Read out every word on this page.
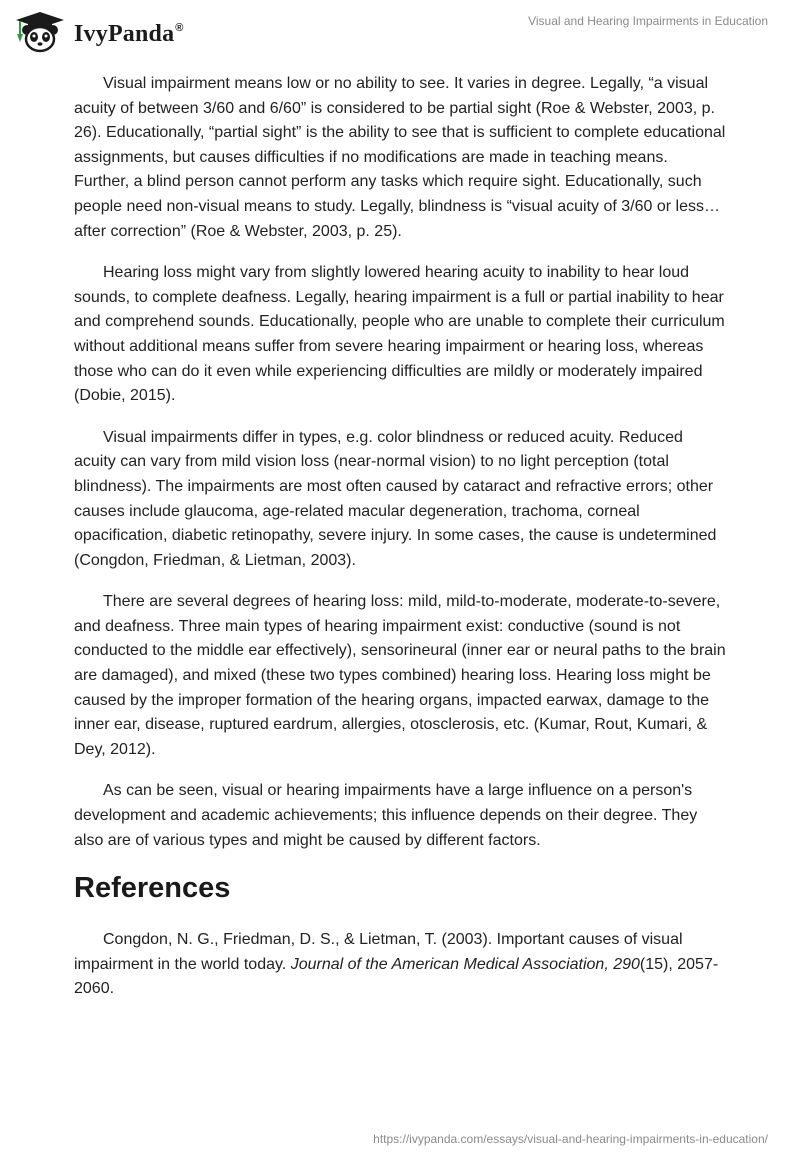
IvyPanda®	Visual and Hearing Impairments in Education

Visual impairment means low or no ability to see. It varies in degree. Legally, “a visual acuity of between 3/60 and 6/60” is considered to be partial sight (Roe & Webster, 2003, p. 26). Educationally, “partial sight” is the ability to see that is sufficient to complete educational assignments, but causes difficulties if no modifications are made in teaching means. Further, a blind person cannot perform any tasks which require sight. Educationally, such people need non-visual means to study. Legally, blindness is “visual acuity of 3/60 or less… after correction” (Roe & Webster, 2003, p. 25).

Hearing loss might vary from slightly lowered hearing acuity to inability to hear loud sounds, to complete deafness. Legally, hearing impairment is a full or partial inability to hear and comprehend sounds. Educationally, people who are unable to complete their curriculum without additional means suffer from severe hearing impairment or hearing loss, whereas those who can do it even while experiencing difficulties are mildly or moderately impaired (Dobie, 2015).

Visual impairments differ in types, e.g. color blindness or reduced acuity. Reduced acuity can vary from mild vision loss (near-normal vision) to no light perception (total blindness). The impairments are most often caused by cataract and refractive errors; other causes include glaucoma, age-related macular degeneration, trachoma, corneal opacification, diabetic retinopathy, severe injury. In some cases, the cause is undetermined (Congdon, Friedman, & Lietman, 2003).

There are several degrees of hearing loss: mild, mild-to-moderate, moderate-to-severe, and deafness. Three main types of hearing impairment exist: conductive (sound is not conducted to the middle ear effectively), sensorineural (inner ear or neural paths to the brain are damaged), and mixed (these two types combined) hearing loss. Hearing loss might be caused by the improper formation of the hearing organs, impacted earwax, damage to the inner ear, disease, ruptured eardrum, allergies, otosclerosis, etc. (Kumar, Rout, Kumari, & Dey, 2012).

As can be seen, visual or hearing impairments have a large influence on a person's development and academic achievements; this influence depends on their degree. They also are of various types and might be caused by different factors.

References

Congdon, N. G., Friedman, D. S., & Lietman, T. (2003). Important causes of visual impairment in the world today. Journal of the American Medical Association, 290(15), 2057-2060.

https://ivypanda.com/essays/visual-and-hearing-impairments-in-education/
